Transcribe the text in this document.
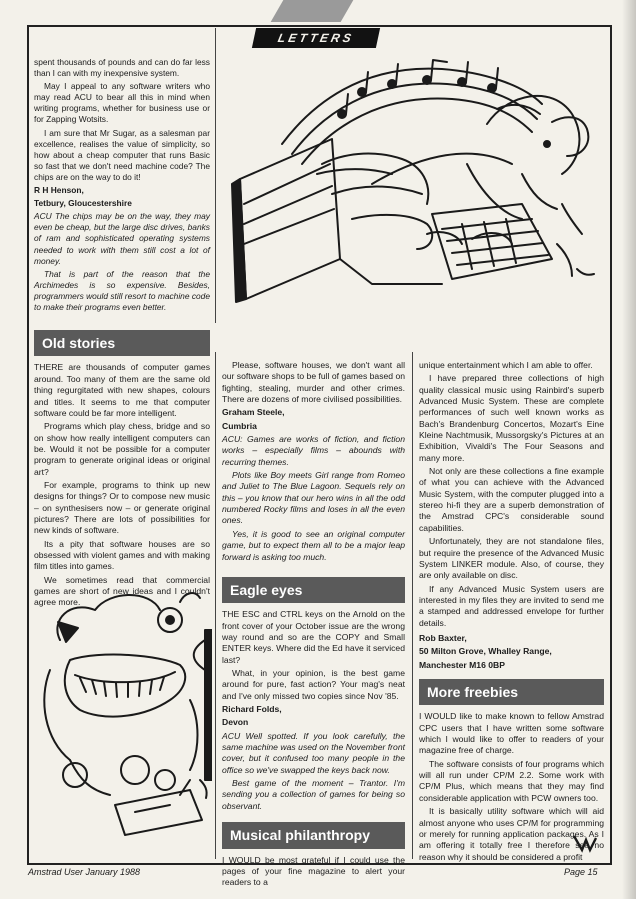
LETTERS

spent thousands of pounds and can do far less than I can with my inexpensive system.

May I appeal to any software writers who may read ACU to bear all this in mind when writing programs, whether for business use or for Zapping Wotsits.

I am sure that Mr Sugar, as a salesman par excellence, realises the value of simplicity, so how about a cheap computer that runs Basic so fast that we don't need machine code? The chips are on the way to do it!

R H Henson,

Tetbury, Gloucestershire

ACU The chips may be on the way, they may even be cheap, but the large disc drives, banks of ram and sophisticated operating systems needed to work with them still cost a lot of money.

That is part of the reason that the Archimedes is so expensive. Besides, programmers would still resort to machine code to make their programs even better.

Old stories

THERE are thousands of computer games around. Too many of them are the same old thing regurgitated with new shapes, colours and titles. It seems to me that computer software could be far more intelligent.

Programs which play chess, bridge and so on show how really intelligent computers can be. Would it not be possible for a computer program to generate original ideas or original art?

For example, programs to think up new designs for things? Or to compose new music – on synthesisers now – or generate original pictures? There are lots of possibilities for new kinds of software.

Its a pity that software houses are so obsessed with violent games and with making film titles into games.

We sometimes read that commercial games are short of new ideas and I couldn't agree more.

Please, software houses, we don't want all our software shops to be full of games based on fighting, stealing, murder and other crimes. There are dozens of more civilised possibilities.

Graham Steele,

Cumbria

ACU: Games are works of fiction, and fiction works – especially films – abounds with recurring themes.

Plots like Boy meets Girl range from Romeo and Juliet to The Blue Lagoon. Sequels rely on this – you know that our hero wins in all the odd numbered Rocky films and loses in all the even ones.

Yes, it is good to see an original computer game, but to expect them all to be a major leap forward is asking too much.

Eagle eyes

THE ESC and CTRL keys on the Arnold on the front cover of your October issue are the wrong way round and so are the COPY and Small ENTER keys. Where did the Ed have it serviced last?

What, in your opinion, is the best game around for pure, fast action? Your mag's neat and I've only missed two copies since Nov '85.

Richard Folds,

Devon

ACU Well spotted. If you look carefully, the same machine was used on the November front cover, but it confused too many people in the office so we've swapped the keys back now.

Best game of the moment – Trantor. I'm sending you a collection of games for being so observant.

Musical philanthropy

I WOULD be most grateful if I could use the pages of your fine magazine to alert your readers to a

unique entertainment which I am able to offer.

I have prepared three collections of high quality classical music using Rainbird's superb Advanced Music System. These are complete performances of such well known works as Bach's Brandenburg Concertos, Mozart's Eine Kleine Nachtmusik, Mussorgsky's Pictures at an Exhibition, Vivaldi's The Four Seasons and many more.

Not only are these collections a fine example of what you can achieve with the Advanced Music System, with the computer plugged into a stereo hi-fi they are a superb demonstration of the Amstrad CPC's considerable sound capabilities.

Unfortunately, they are not standalone files, but require the presence of the Advanced Music System LINKER module. Also, of course, they are only available on disc.

If any Advanced Music System users are interested in my files they are invited to send me a stamped and addressed envelope for further details.

Rob Baxter,

50 Milton Grove, Whalley Range,

Manchester M16 0BP

More freebies

I WOULD like to make known to fellow Amstrad CPC users that I have written some software which I would like to offer to readers of your magazine free of charge.

The software consists of four programs which will all run under CP/M 2.2. Some work with CP/M Plus, which means that they may find considerable application with PCW owners too.

It is basically utility software which will aid almost anyone who uses CP/M for programming or merely for running application packages. As I am offering it totally free I therefore see no reason why it should be considered a profit

Amstrad User January 1988	Page 15
